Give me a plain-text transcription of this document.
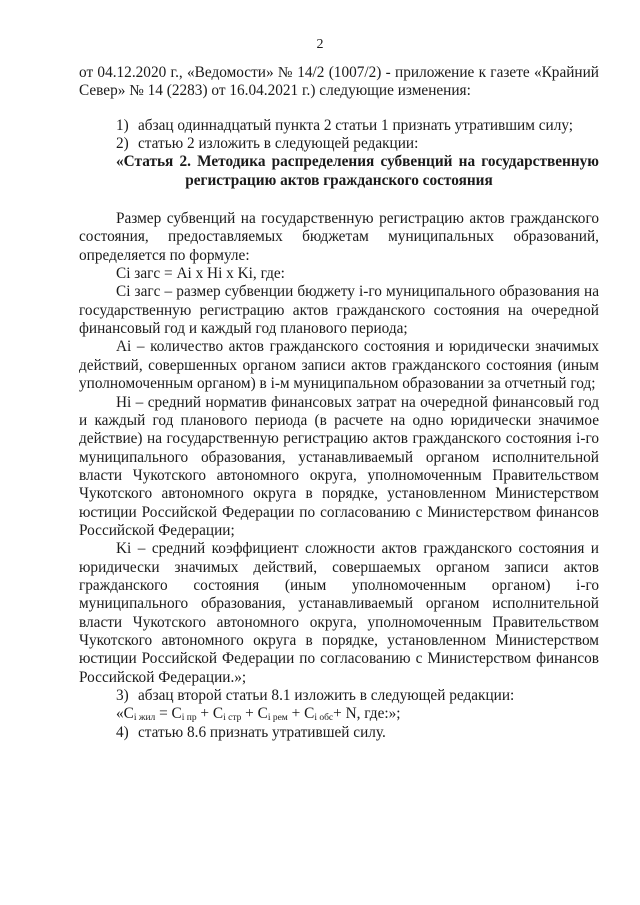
2
от 04.12.2020 г., «Ведомости» № 14/2 (1007/2) - приложение к газете «Крайний
Север» № 14 (2283) от 16.04.2021 г.) следующие изменения:
1) абзац одиннадцатый пункта 2 статьи 1 признать утратившим силу;
2) статью 2 изложить в следующей редакции:
«Статья 2. Методика распределения субвенций на государственную
регистрацию актов гражданского состояния
Размер субвенций на государственную регистрацию актов гражданского
состояния, предоставляемых бюджетам муниципальных образований,
определяется по формуле:
Ci загс = Ai x Hi x Ki, где:
Ci загс – размер субвенции бюджету i-го муниципального образования на
государственную регистрацию актов гражданского состояния на очередной
финансовый год и каждый год планового периода;
Ai – количество актов гражданского состояния и юридически значимых
действий, совершенных органом записи актов гражданского состояния (иным
уполномоченным органом) в i-м муниципальном образовании за отчетный год;
Hi – средний норматив финансовых затрат на очередной финансовый год
и каждый год планового периода (в расчете на одно юридически значимое
действие) на государственную регистрацию актов гражданского состояния i-го
муниципального образования, устанавливаемый органом исполнительной
власти Чукотского автономного округа, уполномоченным Правительством
Чукотского автономного округа в порядке, установленном Министерством
юстиции Российской Федерации по согласованию с Министерством финансов
Российской Федерации;
Ki – средний коэффициент сложности актов гражданского состояния и
юридически значимых действий, совершаемых органом записи актов
гражданского состояния (иным уполномоченным органом) i-го
муниципального образования, устанавливаемый органом исполнительной
власти Чукотского автономного округа, уполномоченным Правительством
Чукотского автономного округа в порядке, установленном Министерством
юстиции Российской Федерации по согласованию с Министерством финансов
Российской Федерации.»;
3) абзац второй статьи 8.1 изложить в следующей редакции:
«$C_{i жил} = C_{i пр} + C_{i стр} + C_{i рем} + C_{i обс}+ N$, где:»;
4) статью 8.6 признать утратившей силу.
